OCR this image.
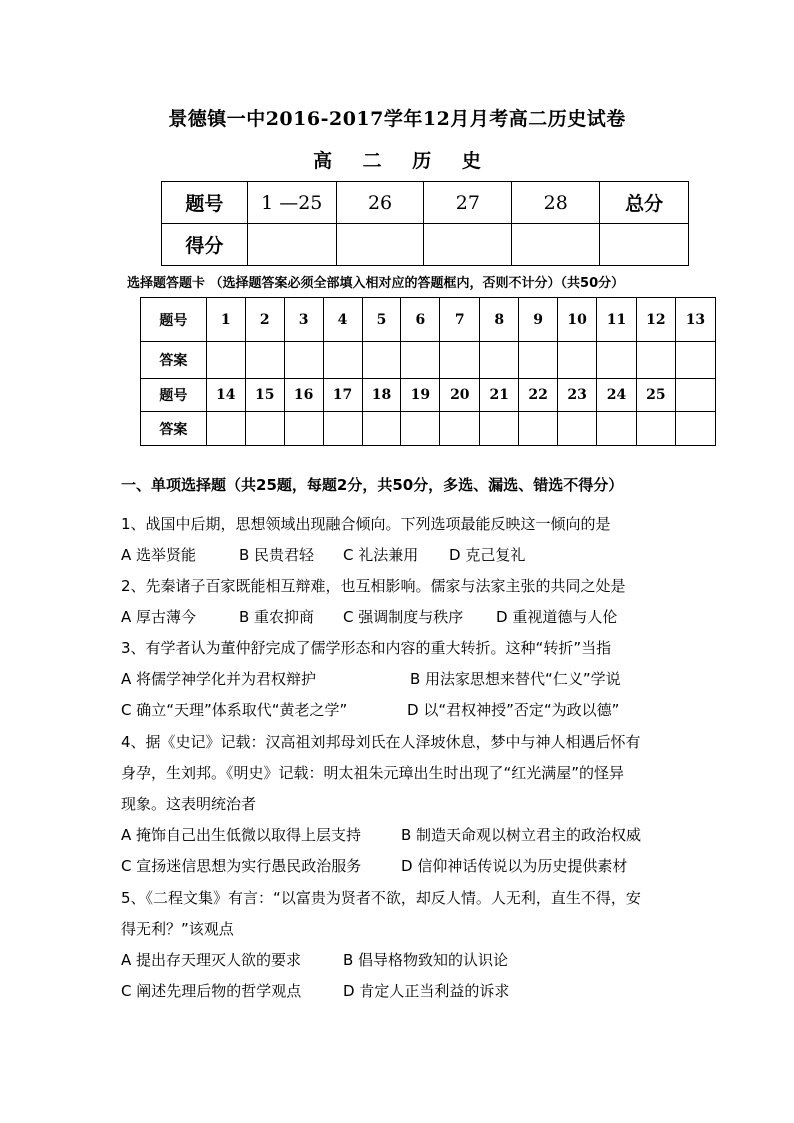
景德镇一中2016-2017学年12月月考高二历史试卷
高 二 历 史
题号	1 —25	26	27	28	总分
得分					
选择题答题卡 （选择题答案必须全部填入相对应的答题框内，否则不计分）（共50分）
题号	1	2	3	4	5	6	7	8	9	10	11	12	13
答案													
题号	14	15	16	17	18	19	20	21	22	23	24	25	
答案													
一、单项选择题（共25题，每题2分，共50分，多选、漏选、错选不得分）
1、战国中后期，思想领域出现融合倾向。下列选项最能反映这一倾向的是
A 选举贤能	B 民贵君轻 C 礼法兼用 D 克己复礼
2、先秦诸子百家既能相互辩难，也互相影响。儒家与法家主张的共同之处是
A 厚古薄今	B 重农抑商 C 强调制度与秩序 D 重视道德与人伦
3、有学者认为董仲舒完成了儒学形态和内容的重大转折。这种“转折”当指
A 将儒学神学化并为君权辩护	B 用法家思想来替代“仁义”学说
C 确立“天理”体系取代“黄老之学”	D 以“君权神授”否定“为政以德”
4、据《史记》记载：汉高祖刘邦母刘氏在人泽坡休息，梦中与神人相遇后怀有
身孕，生刘邦。《明史》记载：明太祖朱元璋出生时出现了“红光满屋”的怪异
现象。这表明统治者
A 掩饰自己出生低微以取得上层支持	B 制造天命观以树立君主的政治权威
C 宣扬迷信思想为实行愚民政治服务	D 信仰神话传说以为历史提供素材
5、《二程文集》有言：“以富贵为贤者不欲，却反人情。人无利，直生不得，安
得无利？”该观点
A 提出存天理灭人欲的要求	B 倡导格物致知的认识论
C 阐述先理后物的哲学观点	D 肯定人正当利益的诉求
